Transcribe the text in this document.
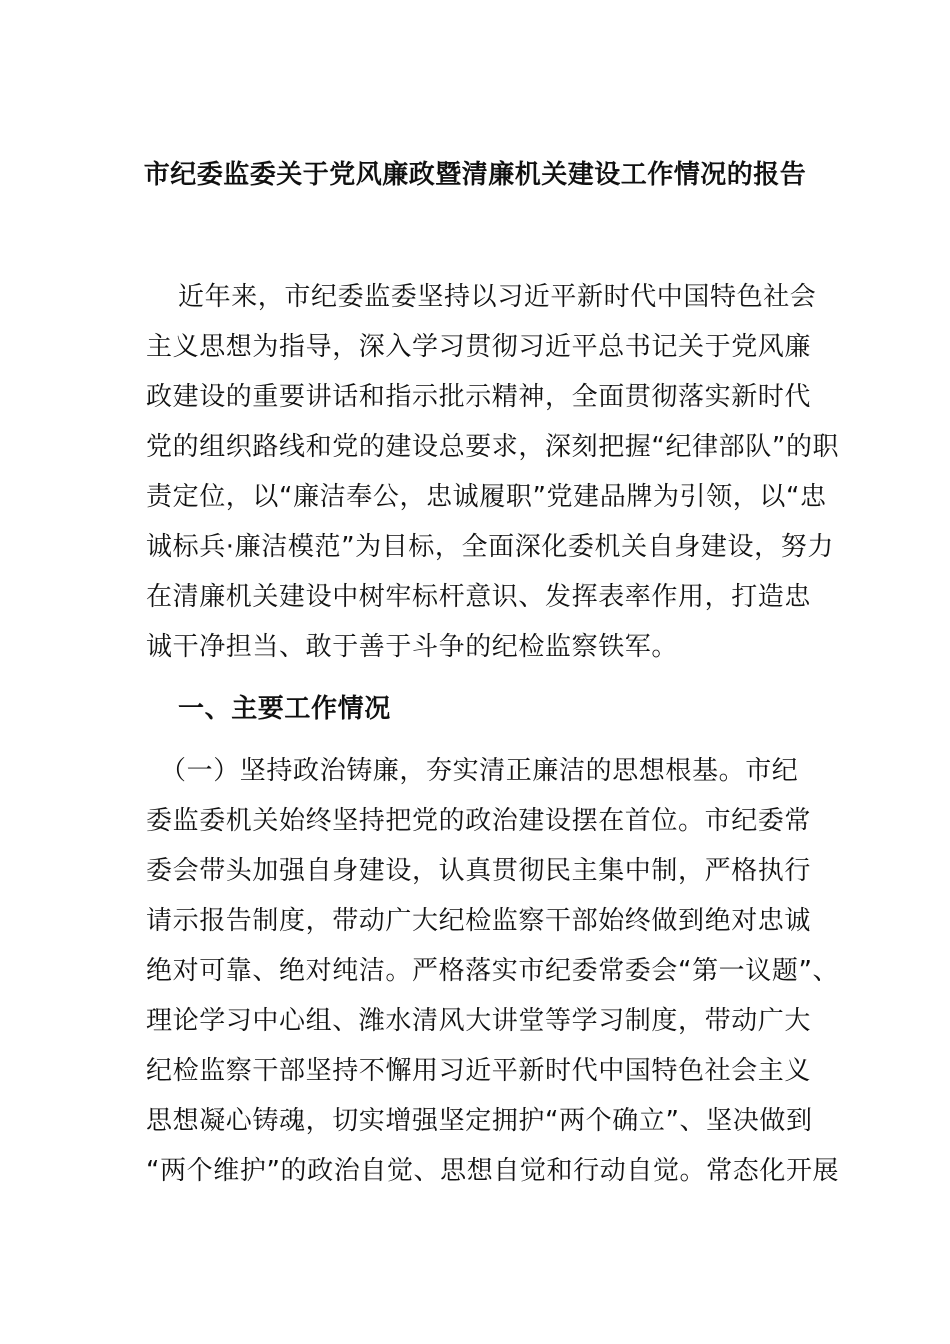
市纪委监委关于党风廉政暨清廉机关建设工作情况的报告
近年来，市纪委监委坚持以习近平新时代中国特色社会
主义思想为指导，深入学习贯彻习近平总书记关于党风廉
政建设的重要讲话和指示批示精神，全面贯彻落实新时代
党的组织路线和党的建设总要求，深刻把握“纪律部队”的职
责定位，以“廉洁奉公，忠诚履职”党建品牌为引领，以“忠
诚标兵·廉洁模范”为目标，全面深化委机关自身建设，努力
在清廉机关建设中树牢标杆意识、发挥表率作用，打造忠
诚干净担当、敢于善于斗争的纪检监察铁军。
一、主要工作情况
（一）坚持政治铸廉，夯实清正廉洁的思想根基。市纪
委监委机关始终坚持把党的政治建设摆在首位。市纪委常
委会带头加强自身建设，认真贯彻民主集中制，严格执行
请示报告制度，带动广大纪检监察干部始终做到绝对忠诚
绝对可靠、绝对纯洁。严格落实市纪委常委会“第一议题”、
理论学习中心组、潍水清风大讲堂等学习制度，带动广大
纪检监察干部坚持不懈用习近平新时代中国特色社会主义
思想凝心铸魂，切实增强坚定拥护“两个确立”、坚决做到
“两个维护”的政治自觉、思想自觉和行动自觉。常态化开展
